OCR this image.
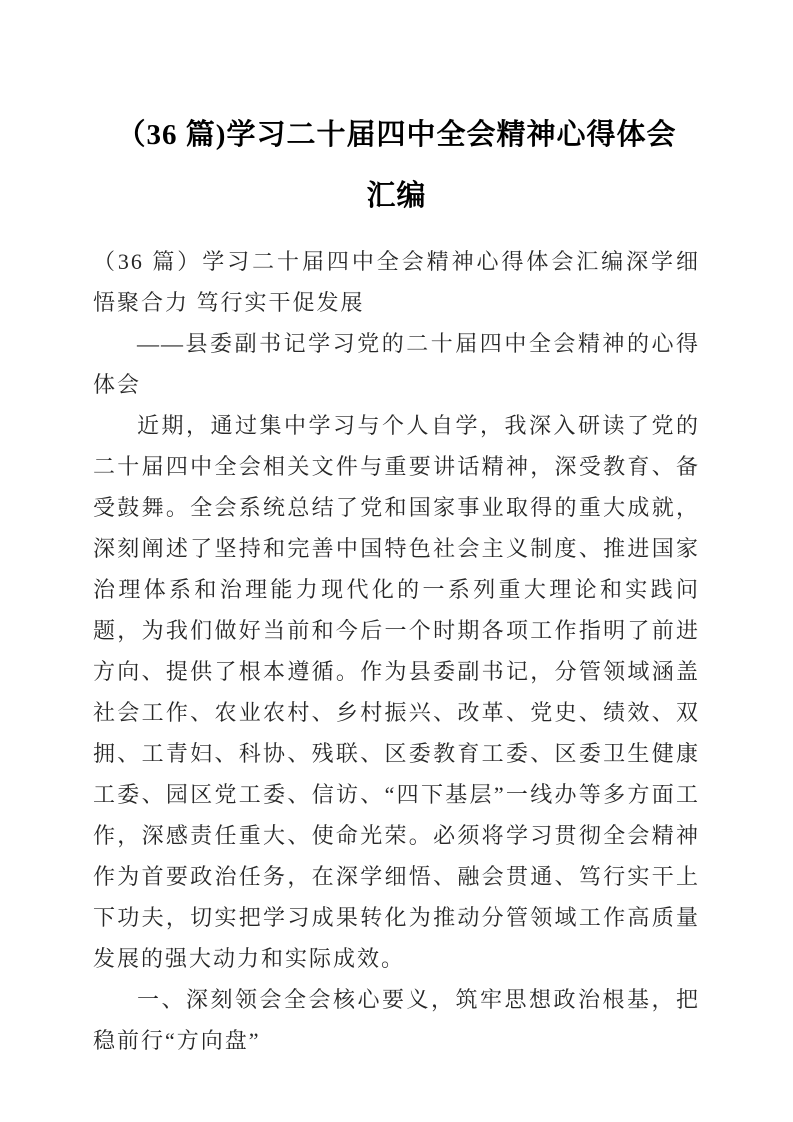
（36 篇)学习二十届四中全会精神心得体会
汇编

（36 篇）学习二十届四中全会精神心得体会汇编深学细悟聚合力 笃行实干促发展

——县委副书记学习党的二十届四中全会精神的心得体会

近期，通过集中学习与个人自学，我深入研读了党的二十届四中全会相关文件与重要讲话精神，深受教育、备受鼓舞。全会系统总结了党和国家事业取得的重大成就，深刻阐述了坚持和完善中国特色社会主义制度、推进国家治理体系和治理能力现代化的一系列重大理论和实践问题，为我们做好当前和今后一个时期各项工作指明了前进方向、提供了根本遵循。作为县委副书记，分管领域涵盖社会工作、农业农村、乡村振兴、改革、党史、绩效、双拥、工青妇、科协、残联、区委教育工委、区委卫生健康工委、园区党工委、信访、“四下基层”一线办等多方面工作，深感责任重大、使命光荣。必须将学习贯彻全会精神作为首要政治任务，在深学细悟、融会贯通、笃行实干上下功夫，切实把学习成果转化为推动分管领域工作高质量发展的强大动力和实际成效。

一、深刻领会全会核心要义，筑牢思想政治根基，把稳前行“方向盘”
